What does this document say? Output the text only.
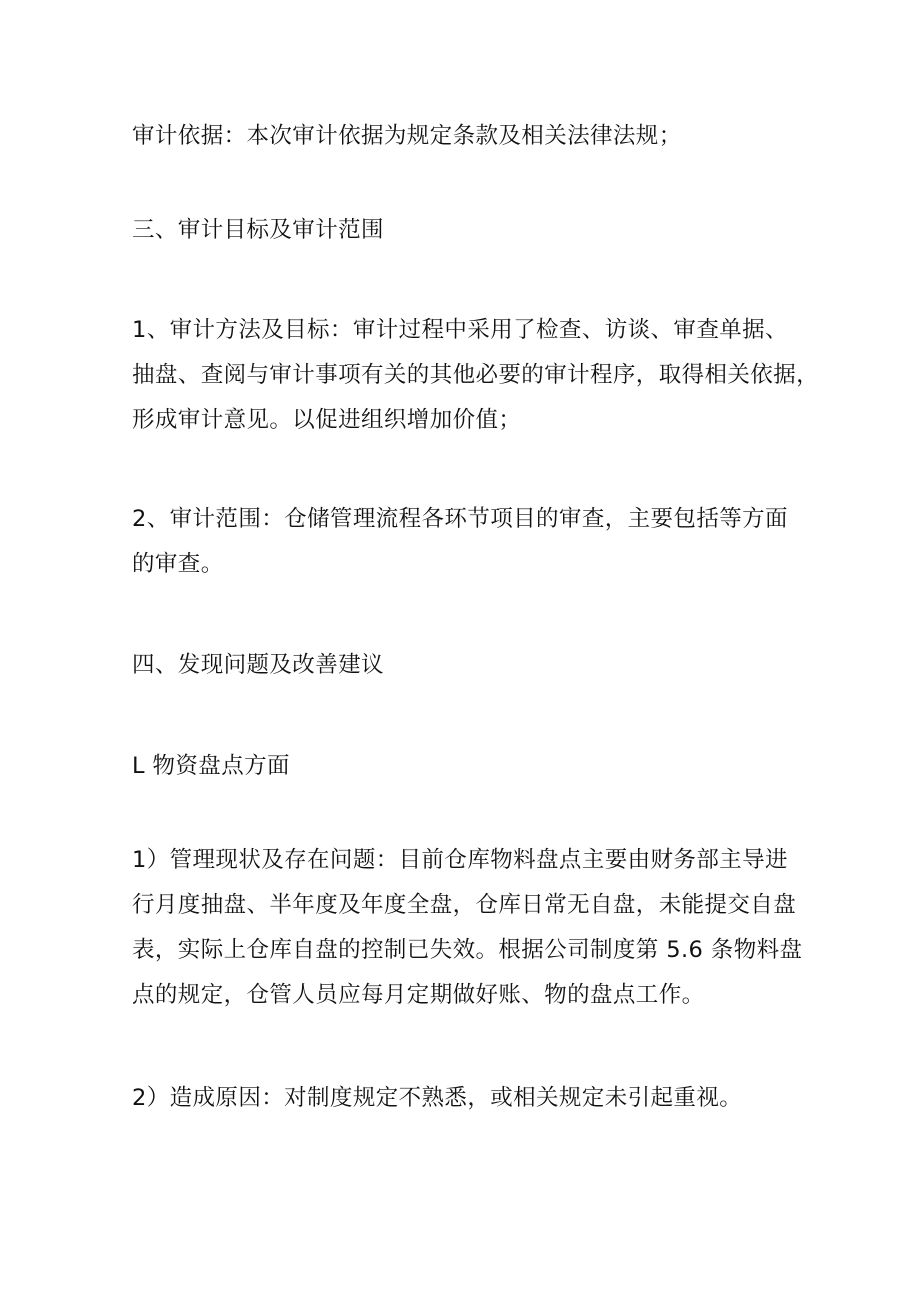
审计依据：本次审计依据为规定条款及相关法律法规；

三、审计目标及审计范围

1、审计方法及目标：审计过程中采用了检查、访谈、审查单据、
抽盘、查阅与审计事项有关的其他必要的审计程序，取得相关依据，
形成审计意见。以促进组织增加价值；

2、审计范围：仓储管理流程各环节项目的审查，主要包括等方面
的审查。

四、发现问题及改善建议

L 物资盘点方面

1）管理现状及存在问题：目前仓库物料盘点主要由财务部主导进
行月度抽盘、半年度及年度全盘，仓库日常无自盘，未能提交自盘
表，实际上仓库自盘的控制已失效。根据公司制度第 5.6 条物料盘
点的规定，仓管人员应每月定期做好账、物的盘点工作。

2）造成原因：对制度规定不熟悉，或相关规定未引起重视。
